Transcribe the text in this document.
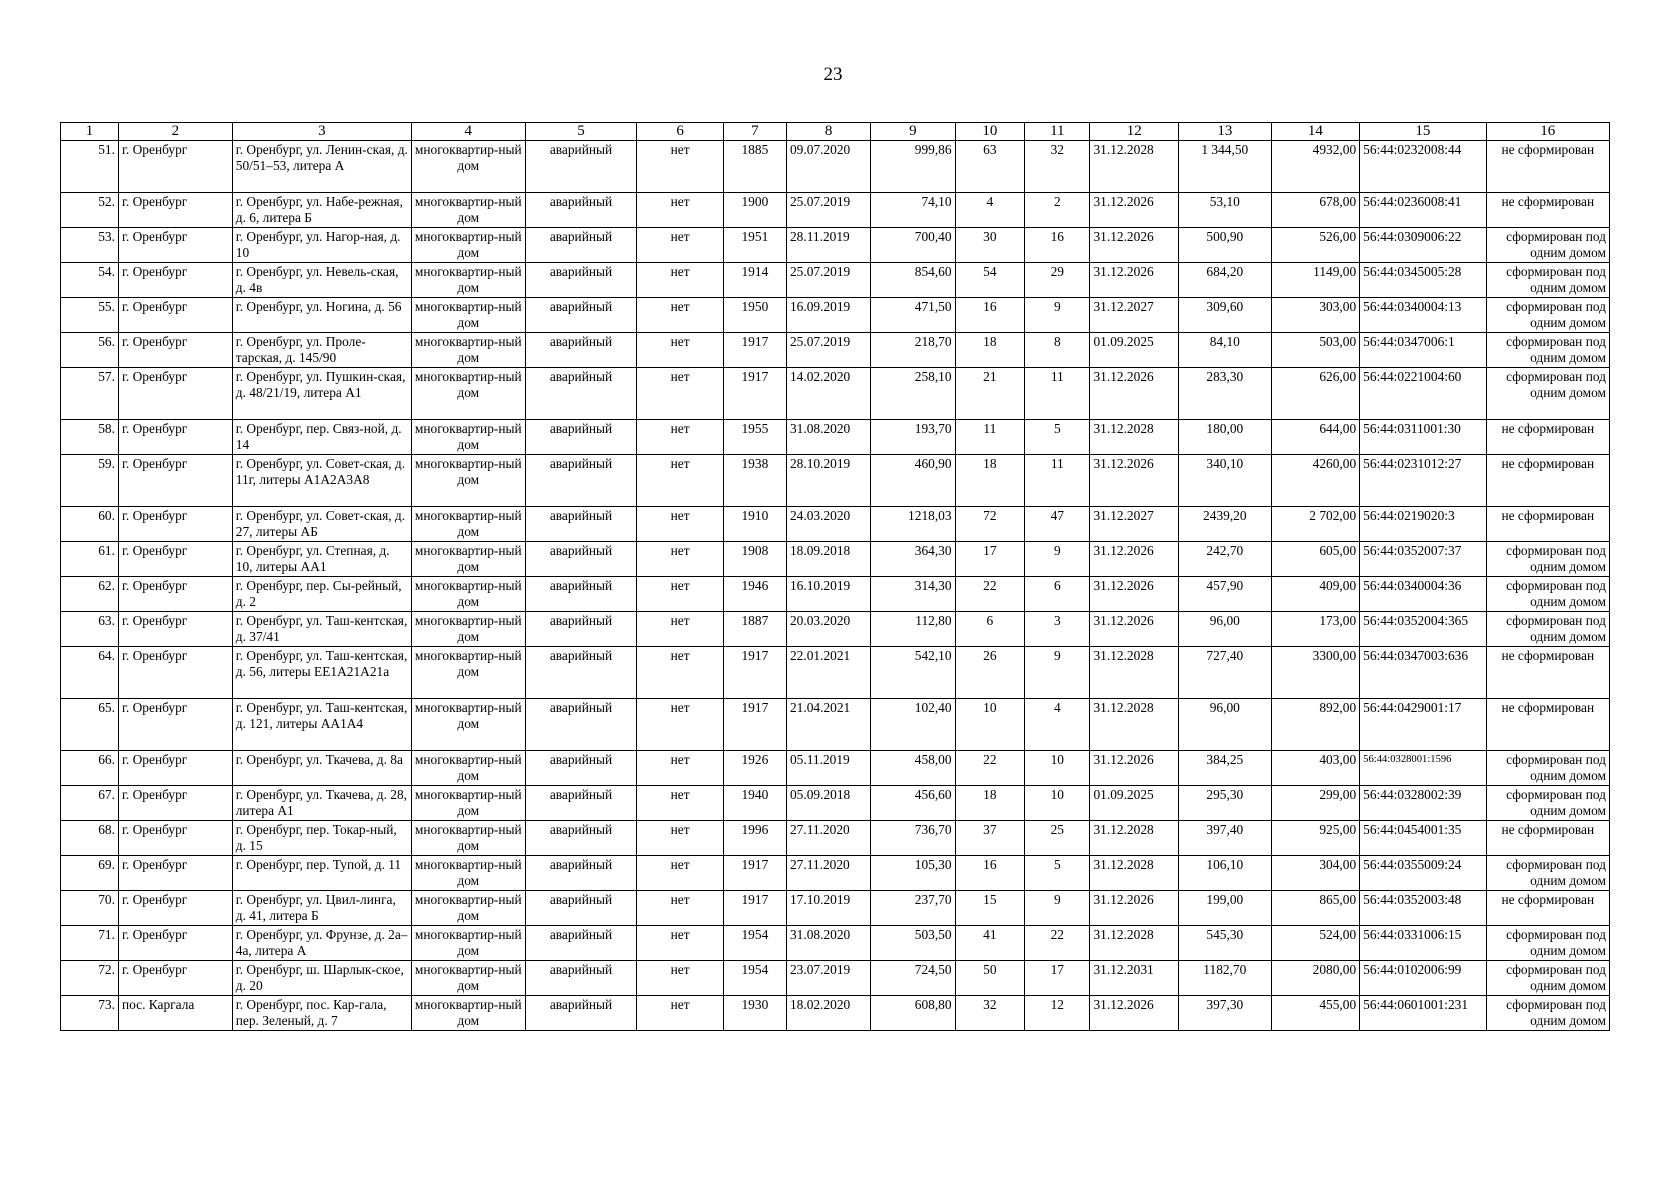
23
1	2	3	4	5	6	7	8	9	10	11	12	13	14	15	16
51.	г. Оренбург	г. Оренбург, ул. Ленин-ская, д. 50/51–53, литера А	многоквартир-ный дом	аварийный	нет	1885	09.07.2020	999,86	63	32	31.12.2028	1 344,50	4932,00	56:44:0232008:44	не сформирован
52.	г. Оренбург	г. Оренбург, ул. Набе-режная, д. 6, литера Б	многоквартир-ный дом	аварийный	нет	1900	25.07.2019	74,10	4	2	31.12.2026	53,10	678,00	56:44:0236008:41	не сформирован
53.	г. Оренбург	г. Оренбург, ул. Нагор-ная, д. 10	многоквартир-ный дом	аварийный	нет	1951	28.11.2019	700,40	30	16	31.12.2026	500,90	526,00	56:44:0309006:22	сформирован под одним домом
54.	г. Оренбург	г. Оренбург, ул. Невель-ская, д. 4в	многоквартир-ный дом	аварийный	нет	1914	25.07.2019	854,60	54	29	31.12.2026	684,20	1149,00	56:44:0345005:28	сформирован под одним домом
55.	г. Оренбург	г. Оренбург, ул. Ногина, д. 56	многоквартир-ный дом	аварийный	нет	1950	16.09.2019	471,50	16	9	31.12.2027	309,60	303,00	56:44:0340004:13	сформирован под одним домом
56.	г. Оренбург	г. Оренбург, ул. Проле-тарская, д. 145/90	многоквартир-ный дом	аварийный	нет	1917	25.07.2019	218,70	18	8	01.09.2025	84,10	503,00	56:44:0347006:1	сформирован под одним домом
57.	г. Оренбург	г. Оренбург, ул. Пушкин-ская, д. 48/21/19, литера А1	многоквартир-ный дом	аварийный	нет	1917	14.02.2020	258,10	21	11	31.12.2026	283,30	626,00	56:44:0221004:60	сформирован под одним домом
58.	г. Оренбург	г. Оренбург, пер. Связ-ной, д. 14	многоквартир-ный дом	аварийный	нет	1955	31.08.2020	193,70	11	5	31.12.2028	180,00	644,00	56:44:0311001:30	не сформирован
59.	г. Оренбург	г. Оренбург, ул. Совет-ская, д. 11г, литеры А1А2А3А8	многоквартир-ный дом	аварийный	нет	1938	28.10.2019	460,90	18	11	31.12.2026	340,10	4260,00	56:44:0231012:27	не сформирован
60.	г. Оренбург	г. Оренбург, ул. Совет-ская, д. 27, литеры АБ	многоквартир-ный дом	аварийный	нет	1910	24.03.2020	1218,03	72	47	31.12.2027	2439,20	2 702,00	56:44:0219020:3	не сформирован
61.	г. Оренбург	г. Оренбург, ул. Степная, д. 10, литеры АА1	многоквартир-ный дом	аварийный	нет	1908	18.09.2018	364,30	17	9	31.12.2026	242,70	605,00	56:44:0352007:37	сформирован под одним домом
62.	г. Оренбург	г. Оренбург, пер. Сы-рейный, д. 2	многоквартир-ный дом	аварийный	нет	1946	16.10.2019	314,30	22	6	31.12.2026	457,90	409,00	56:44:0340004:36	сформирован под одним домом
63.	г. Оренбург	г. Оренбург, ул. Таш-кентская, д. 37/41	многоквартир-ный дом	аварийный	нет	1887	20.03.2020	112,80	6	3	31.12.2026	96,00	173,00	56:44:0352004:365	сформирован под одним домом
64.	г. Оренбург	г. Оренбург, ул. Таш-кентская, д. 56, литеры ЕЕ1А21А21а	многоквартир-ный дом	аварийный	нет	1917	22.01.2021	542,10	26	9	31.12.2028	727,40	3300,00	56:44:0347003:636	не сформирован
65.	г. Оренбург	г. Оренбург, ул. Таш-кентская, д. 121, литеры АА1А4	многоквартир-ный дом	аварийный	нет	1917	21.04.2021	102,40	10	4	31.12.2028	96,00	892,00	56:44:0429001:17	не сформирован
66.	г. Оренбург	г. Оренбург, ул. Ткачева, д. 8а	многоквартир-ный дом	аварийный	нет	1926	05.11.2019	458,00	22	10	31.12.2026	384,25	403,00	56:44:0328001:1596	сформирован под одним домом
67.	г. Оренбург	г. Оренбург, ул. Ткачева, д. 28, литера А1	многоквартир-ный дом	аварийный	нет	1940	05.09.2018	456,60	18	10	01.09.2025	295,30	299,00	56:44:0328002:39	сформирован под одним домом
68.	г. Оренбург	г. Оренбург, пер. Токар-ный, д. 15	многоквартир-ный дом	аварийный	нет	1996	27.11.2020	736,70	37	25	31.12.2028	397,40	925,00	56:44:0454001:35	не сформирован
69.	г. Оренбург	г. Оренбург, пер. Тупой, д. 11	многоквартир-ный дом	аварийный	нет	1917	27.11.2020	105,30	16	5	31.12.2028	106,10	304,00	56:44:0355009:24	сформирован под одним домом
70.	г. Оренбург	г. Оренбург, ул. Цвил-линга, д. 41, литера Б	многоквартир-ный дом	аварийный	нет	1917	17.10.2019	237,70	15	9	31.12.2026	199,00	865,00	56:44:0352003:48	не сформирован
71.	г. Оренбург	г. Оренбург, ул. Фрунзе, д. 2а–4а, литера А	многоквартир-ный дом	аварийный	нет	1954	31.08.2020	503,50	41	22	31.12.2028	545,30	524,00	56:44:0331006:15	сформирован под одним домом
72.	г. Оренбург	г. Оренбург, ш. Шарлык-ское, д. 20	многоквартир-ный дом	аварийный	нет	1954	23.07.2019	724,50	50	17	31.12.2031	1182,70	2080,00	56:44:0102006:99	сформирован под одним домом
73.	пос. Каргала	г. Оренбург, пос. Кар-гала, пер. Зеленый, д. 7	многоквартир-ный дом	аварийный	нет	1930	18.02.2020	608,80	32	12	31.12.2026	397,30	455,00	56:44:0601001:231	сформирован под одним домом
